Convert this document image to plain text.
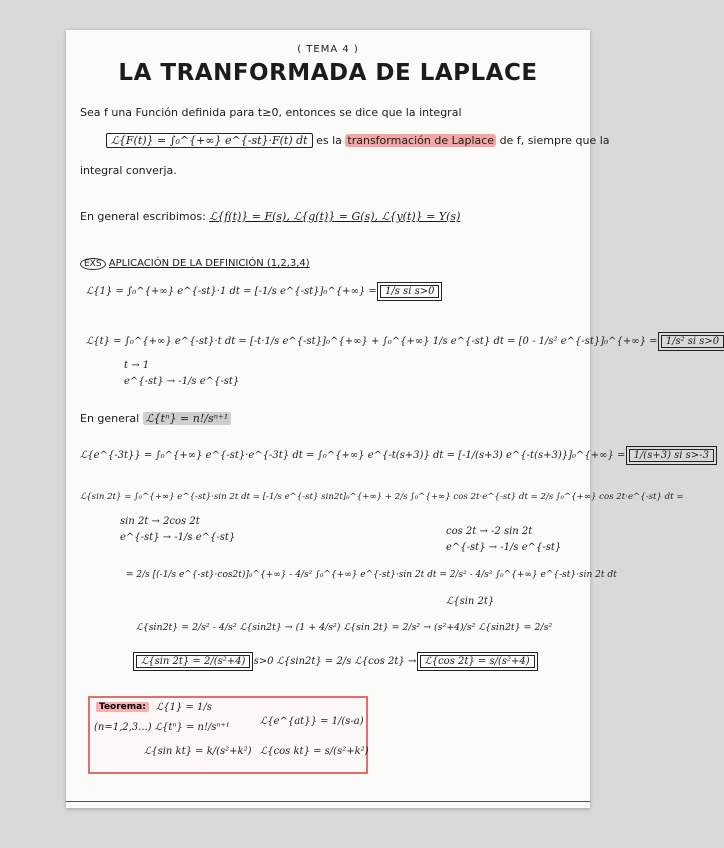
( TEMA 4 )
LA TRANFORMADA DE LAPLACE
Sea f una Función definida para t≥0, entonces se dice que la integral
ℒ{F(t)} = ∫₀^{+∞} e^{-st}·F(t) dt es la transformación de Laplace de f, siempre que la
integral converja.
En general escribimos: ℒ{f(t)} = F(s), ℒ{g(t)} = G(s), ℒ{y(t)} = Y(s)
EXS APLICACIÓN DE LA DEFINICIÓN (1,2,3,4)
ℒ{1} = ∫₀^{+∞} e^{-st}·1 dt = [-1/s e^{-st}]₀^{+∞} = 1/s si s>0
ℒ{t} = ∫₀^{+∞} e^{-st}·t dt = [-t·1/s e^{-st}]₀^{+∞} + ∫₀^{+∞} 1/s e^{-st} dt = [0 - 1/s² e^{-st}]₀^{+∞} = 1/s² si s>0
t → 1
e^{-st} → -1/s e^{-st}
En general ℒ{tⁿ} = n!/sⁿ⁺¹
ℒ{e^{-3t}} = ∫₀^{+∞} e^{-st}·e^{-3t} dt = ∫₀^{+∞} e^{-t(s+3)} dt = [-1/(s+3) e^{-t(s+3)}]₀^{+∞} = 1/(s+3) si s>-3
ℒ{sin 2t} = ∫₀^{+∞} e^{-st}·sin 2t dt = [-1/s e^{-st} sin2t]₀^{+∞} + 2/s ∫₀^{+∞} cos 2t·e^{-st} dt = 2/s ∫₀^{+∞} cos 2t·e^{-st} dt =
sin 2t → 2cos 2t
e^{-st} → -1/s e^{-st}
cos 2t → -2 sin 2t
e^{-st} → -1/s e^{-st}
= 2/s [(-1/s e^{-st}·cos2t)]₀^{+∞} - 4/s² ∫₀^{+∞} e^{-st}·sin 2t dt = 2/s² - 4/s² ∫₀^{+∞} e^{-st}·sin 2t dt
ℒ{sin 2t}
ℒ{sin2t} = 2/s² - 4/s² ℒ{sin2t} → (1 + 4/s²) ℒ{sin 2t} = 2/s² → (s²+4)/s² ℒ{sin2t} = 2/s²
ℒ{sin 2t} = 2/(s²+4) s>0 ℒ{sin2t} = 2/s ℒ{cos 2t} → ℒ{cos 2t} = s/(s²+4)
Teorema:	ℒ{1} = 1/s
(n=1,2,3...) ℒ{tⁿ} = n!/sⁿ⁺¹
ℒ{e^{at}} = 1/(s-a)
ℒ{sin kt} = k/(s²+k²) ℒ{cos kt} = s/(s²+k²)
